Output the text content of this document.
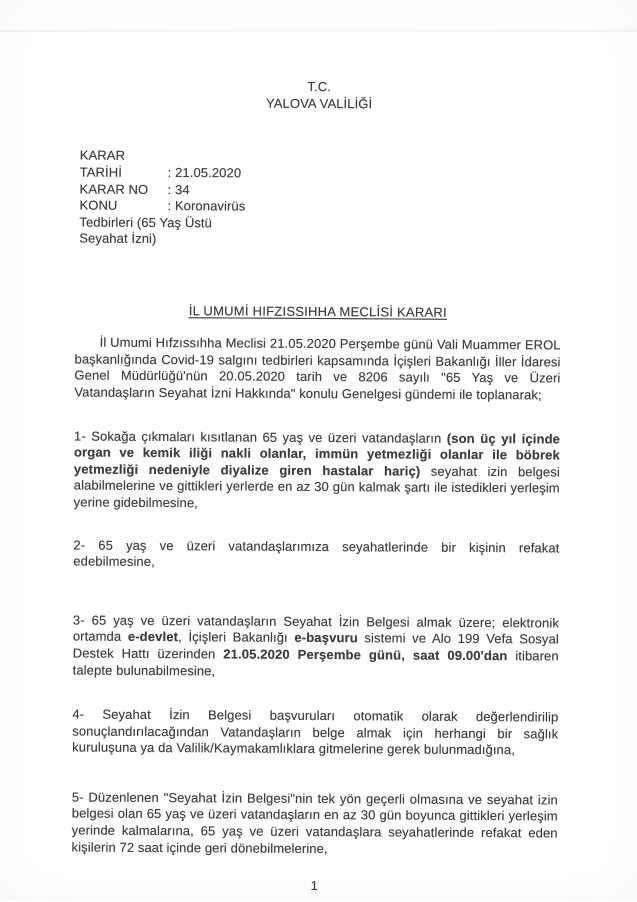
T.C.
YALOVA VALİLİĞİ
KARAR TARİHİ	: 21.05.2020
KARAR NO : 34
KONU	: Koronavirüs
Tedbirleri (65 Yaş Üstü
Seyahat İzni)
İL UMUMİ HIFZISSIHHA MECLİSİ KARARI

İl Umumi Hıfzıssıhha Meclisi 21.05.2020 Perşembe günü Vali Muammer EROL başkanlığında Covid-19 salgını tedbirleri kapsamında İçişleri Bakanlığı İller İdaresi Genel Müdürlüğü'nün 20.05.2020 tarih ve 8206 sayılı "65 Yaş ve Üzeri Vatandaşların Seyahat İzni Hakkında" konulu Genelgesi gündemi ile toplanarak;

1- Sokağa çıkmaları kısıtlanan 65 yaş ve üzeri vatandaşların (son üç yıl içinde organ ve kemik iliği nakli olanlar, immün yetmezliği olanlar ile böbrek yetmezliği nedeniyle diyalize giren hastalar hariç) seyahat izin belgesi alabilmelerine ve gittikleri yerlerde en az 30 gün kalmak şartı ile istedikleri yerleşim yerine gidebilmesine,

2- 65 yaş ve üzeri vatandaşlarımıza seyahatlerinde bir kişinin refakat edebilmesine,

3- 65 yaş ve üzeri vatandaşların Seyahat İzin Belgesi almak üzere; elektronik ortamda e-devlet, İçişleri Bakanlığı e-başvuru sistemi ve Alo 199 Vefa Sosyal Destek Hattı üzerinden 21.05.2020 Perşembe günü, saat 09.00'dan itibaren talepte bulunabilmesine,

4- Seyahat İzin Belgesi başvuruları otomatik olarak değerlendirilip sonuçlandırılacağından Vatandaşların belge almak için herhangi bir sağlık kuruluşuna ya da Valilik/Kaymakamlıklara gitmelerine gerek bulunmadığına,

5- Düzenlenen "Seyahat İzin Belgesi"nin tek yön geçerli olmasına ve seyahat izin belgesi olan 65 yaş ve üzeri vatandaşların en az 30 gün boyunca gittikleri yerleşim yerinde kalmalarına, 65 yaş ve üzeri vatandaşlara seyahatlerinde refakat eden kişilerin 72 saat içinde geri dönebilmelerine,

1
